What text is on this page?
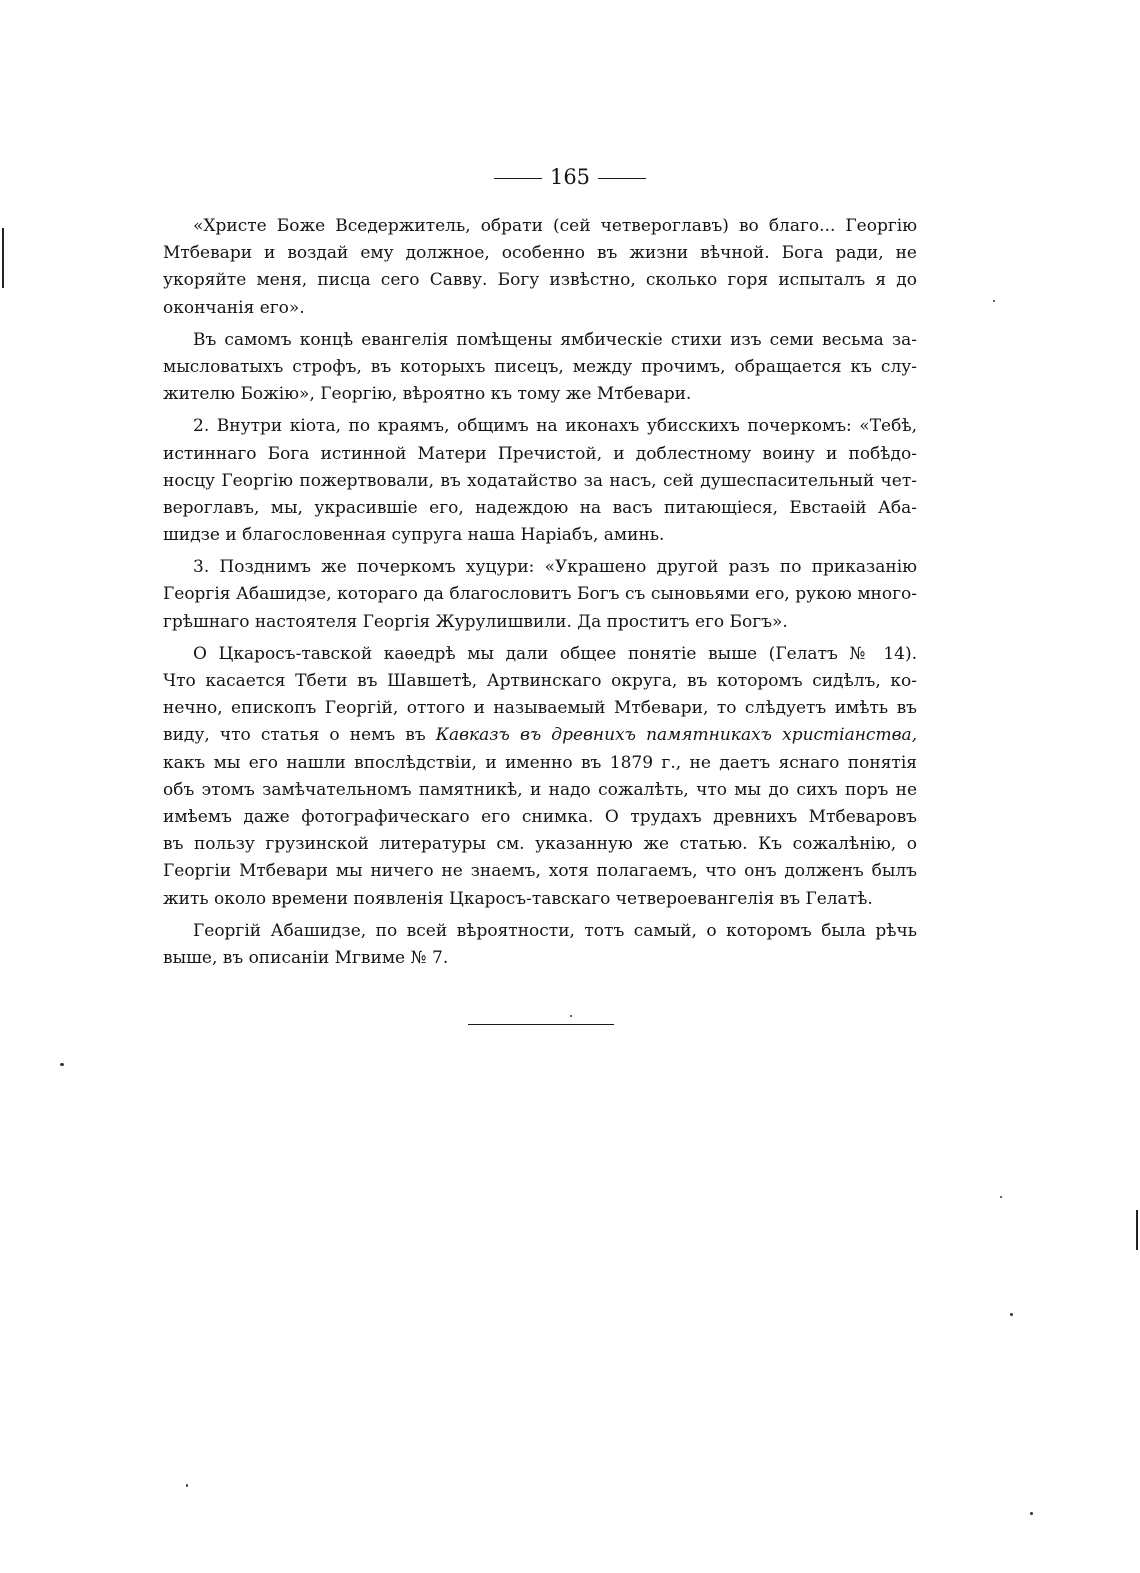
165
«Христе Боже Вседержитель, обрати (сей четвероглавъ) во благо... Георгію
Мтбевари и воздай ему должное, особенно въ жизни вѣчной. Бога ради, не
укоряйте меня, писца сего Савву. Богу извѣстно, сколько горя испыталъ я до
окончанія его».
Въ самомъ концѣ евангелія помѣщены ямбическіе стихи изъ семи весьма за-
мысловатыхъ строфъ, въ которыхъ писецъ, между прочимъ, обращается къ слу-
жителю Божію», Георгію, вѣроятно къ тому же Мтбевари.
2. Внутри кіота, по краямъ, общимъ на иконахъ убисскихъ почеркомъ: «Тебѣ,
истиннаго Бога истинной Матери Пречистой, и доблестному воину и побѣдо-
носцу Георгію пожертвовали, въ ходатайство за насъ, сей душеспасительный чет-
вероглавъ, мы, украсившіе его, надеждою на васъ питающіеся, Евстаѳій Аба-
шидзе и благословенная супруга наша Наріабъ, аминь.
3. Позднимъ же почеркомъ хуцури: «Украшено другой разъ по приказанію
Георгія Абашидзе, котораго да благословитъ Богъ съ сыновьями его, рукою много-
грѣшнаго настоятеля Георгія Журулишвили. Да проститъ его Богъ».
О Цкаросъ-тавской каѳедрѣ мы дали общее понятіе выше (Гелатъ № 14).
Что касается Тбети въ Шавшетѣ, Артвинскаго округа, въ которомъ сидѣлъ, ко-
нечно, епископъ Георгій, оттого и называемый Мтбевари, то слѣдуетъ имѣть въ
виду, что статья о немъ въ Кавказъ въ древнихъ памятникахъ христіанства,
какъ мы его нашли впослѣдствіи, и именно въ 1879 г., не даетъ яснаго понятія
объ этомъ замѣчательномъ памятникѣ, и надо сожалѣть, что мы до сихъ поръ не
имѣемъ даже фотографическаго его снимка. О трудахъ древнихъ Мтбеваровъ
въ пользу грузинской литературы см. указанную же статью. Къ сожалѣнію, о
Георгіи Мтбевари мы ничего не знаемъ, хотя полагаемъ, что онъ долженъ былъ
жить около времени появленія Цкаросъ-тавскаго четвероевангелія въ Гелатѣ.
Георгій Абашидзе, по всей вѣроятности, тотъ самый, о которомъ была рѣчь
выше, въ описаніи Мгвиме № 7.
